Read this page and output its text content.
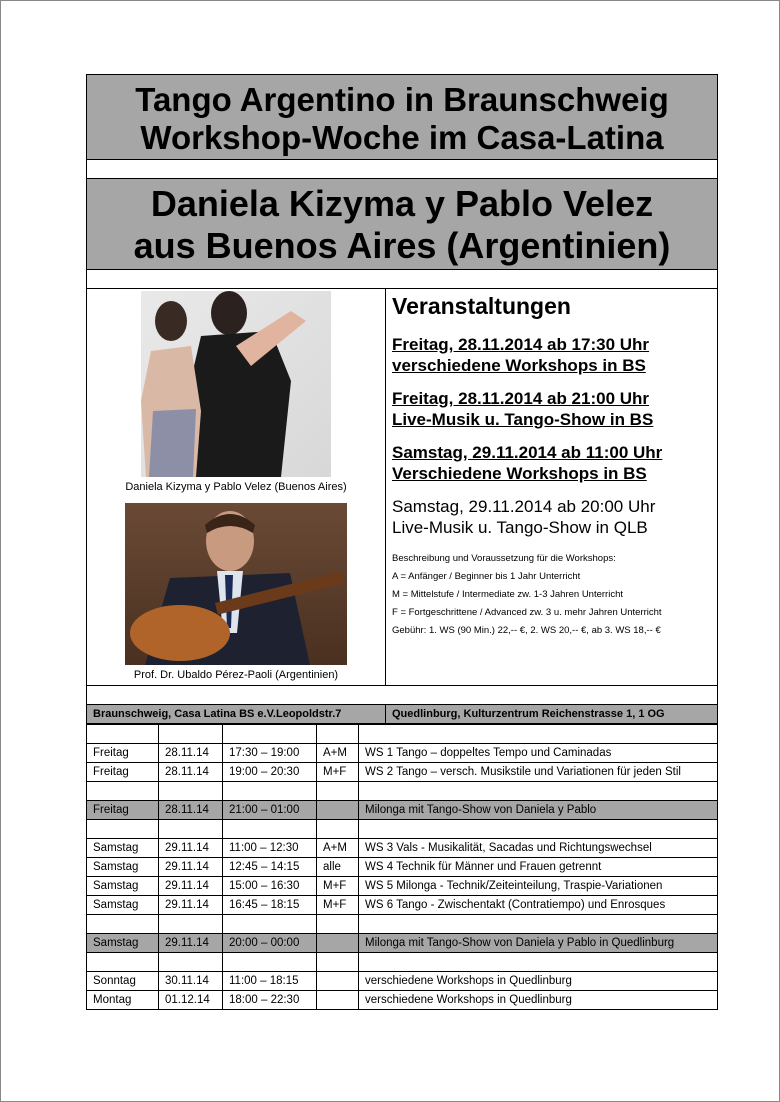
Tango Argentino in Braunschweig
Workshop-Woche im Casa-Latina
Daniela Kizyma y Pablo Velez
aus Buenos Aires (Argentinien)
Daniela Kizyma y Pablo Velez (Buenos Aires)
Prof. Dr. Ubaldo Pérez-Paoli (Argentinien)
Veranstaltungen
Freitag, 28.11.2014 ab 17:30 Uhr
verschiedene Workshops in BS
Freitag, 28.11.2014 ab 21:00 Uhr
Live-Musik u. Tango-Show in BS
Samstag, 29.11.2014 ab 11:00 Uhr
Verschiedene Workshops in BS
Samstag, 29.11.2014 ab 20:00 Uhr
Live-Musik u. Tango-Show in QLB
Beschreibung und Voraussetzung für die Workshops:
A = Anfänger / Beginner bis 1 Jahr Unterricht
M = Mittelstufe / Intermediate zw. 1-3 Jahren Unterricht
F = Fortgeschrittene / Advanced zw. 3 u. mehr Jahren Unterricht
Gebühr: 1. WS (90 Min.) 22,-- €, 2. WS 20,-- €, ab 3. WS 18,-- €
Braunschweig, Casa Latina BS e.V.Leopoldstr.7	Quedlinburg, Kulturzentrum Reichenstrasse 1, 1 OG

Freitag	28.11.14	17:30 – 19:00	A+M	WS 1 Tango – doppeltes Tempo und Caminadas
Freitag	28.11.14	19:00 – 20:30	M+F	WS 2 Tango – versch. Musikstile und Variationen für jeden Stil

Freitag	28.11.14	21:00 – 01:00		Milonga mit Tango-Show von Daniela y Pablo

Samstag	29.11.14	11:00 – 12:30	A+M	WS 3 Vals - Musikalität, Sacadas und Richtungswechsel
Samstag	29.11.14	12:45 – 14:15	alle	WS 4 Technik für Männer und Frauen getrennt
Samstag	29.11.14	15:00 – 16:30	M+F	WS 5 Milonga - Technik/Zeiteinteilung, Traspie-Variationen
Samstag	29.11.14	16:45 – 18:15	M+F	WS 6 Tango - Zwischentakt (Contratiempo) und Enrosques

Samstag	29.11.14	20:00 – 00:00		Milonga mit Tango-Show von Daniela y Pablo in Quedlinburg

Sonntag	30.11.14	11:00 – 18:15		verschiedene Workshops in Quedlinburg
Montag	01.12.14	18:00 – 22:30		verschiedene Workshops in Quedlinburg
